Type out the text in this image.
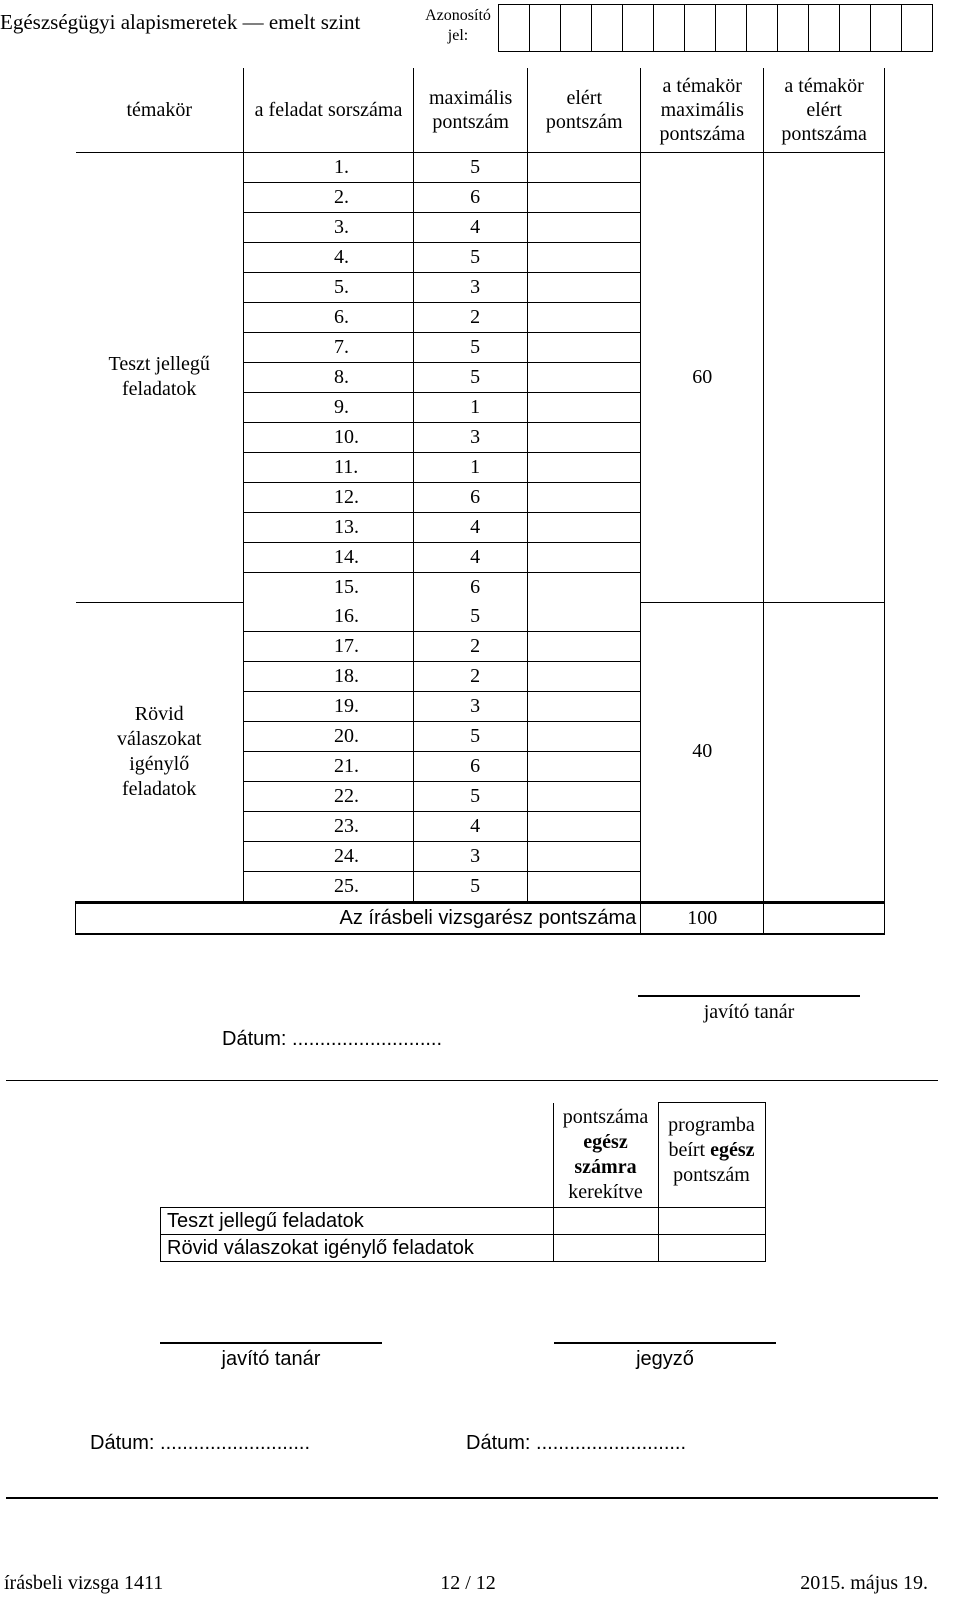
Egészségügyi alapismeretek — emelt szint	Azonosító jel:
témakör	a feladat sorszáma	maximális pontszám	elért pontszám	a témakör maximális pontszáma	a témakör elért pontszáma
Teszt jellegű feladatok	1.	5		60	
	2.	6			
	3.	4			
	4.	5			
	5.	3			
	6.	2			
	7.	5			
	8.	5			
	9.	1			
	10.	3			
	11.	1			
	12.	6			
	13.	4			
	14.	4			
	15.	6			
Rövid válaszokat igénylő feladatok	16.	5		40	
	17.	2			
	18.	2			
	19.	3			
	20.	5			
	21.	6			
	22.	5			
	23.	4			
	24.	3			
	25.	5			
Az írásbeli vizsgarész pontszáma				100	
javító tanár
Dátum: ...........................
	pontszáma
egész
számra
kerekítve	programba
beírt egész
pontszám
Teszt jellegű feladatok		
Rövid válaszokat igénylő feladatok		
javító tanár	jegyző
Dátum: ...........................	Dátum: ...........................
írásbeli vizsga 1411	12 / 12	2015. május 19.
